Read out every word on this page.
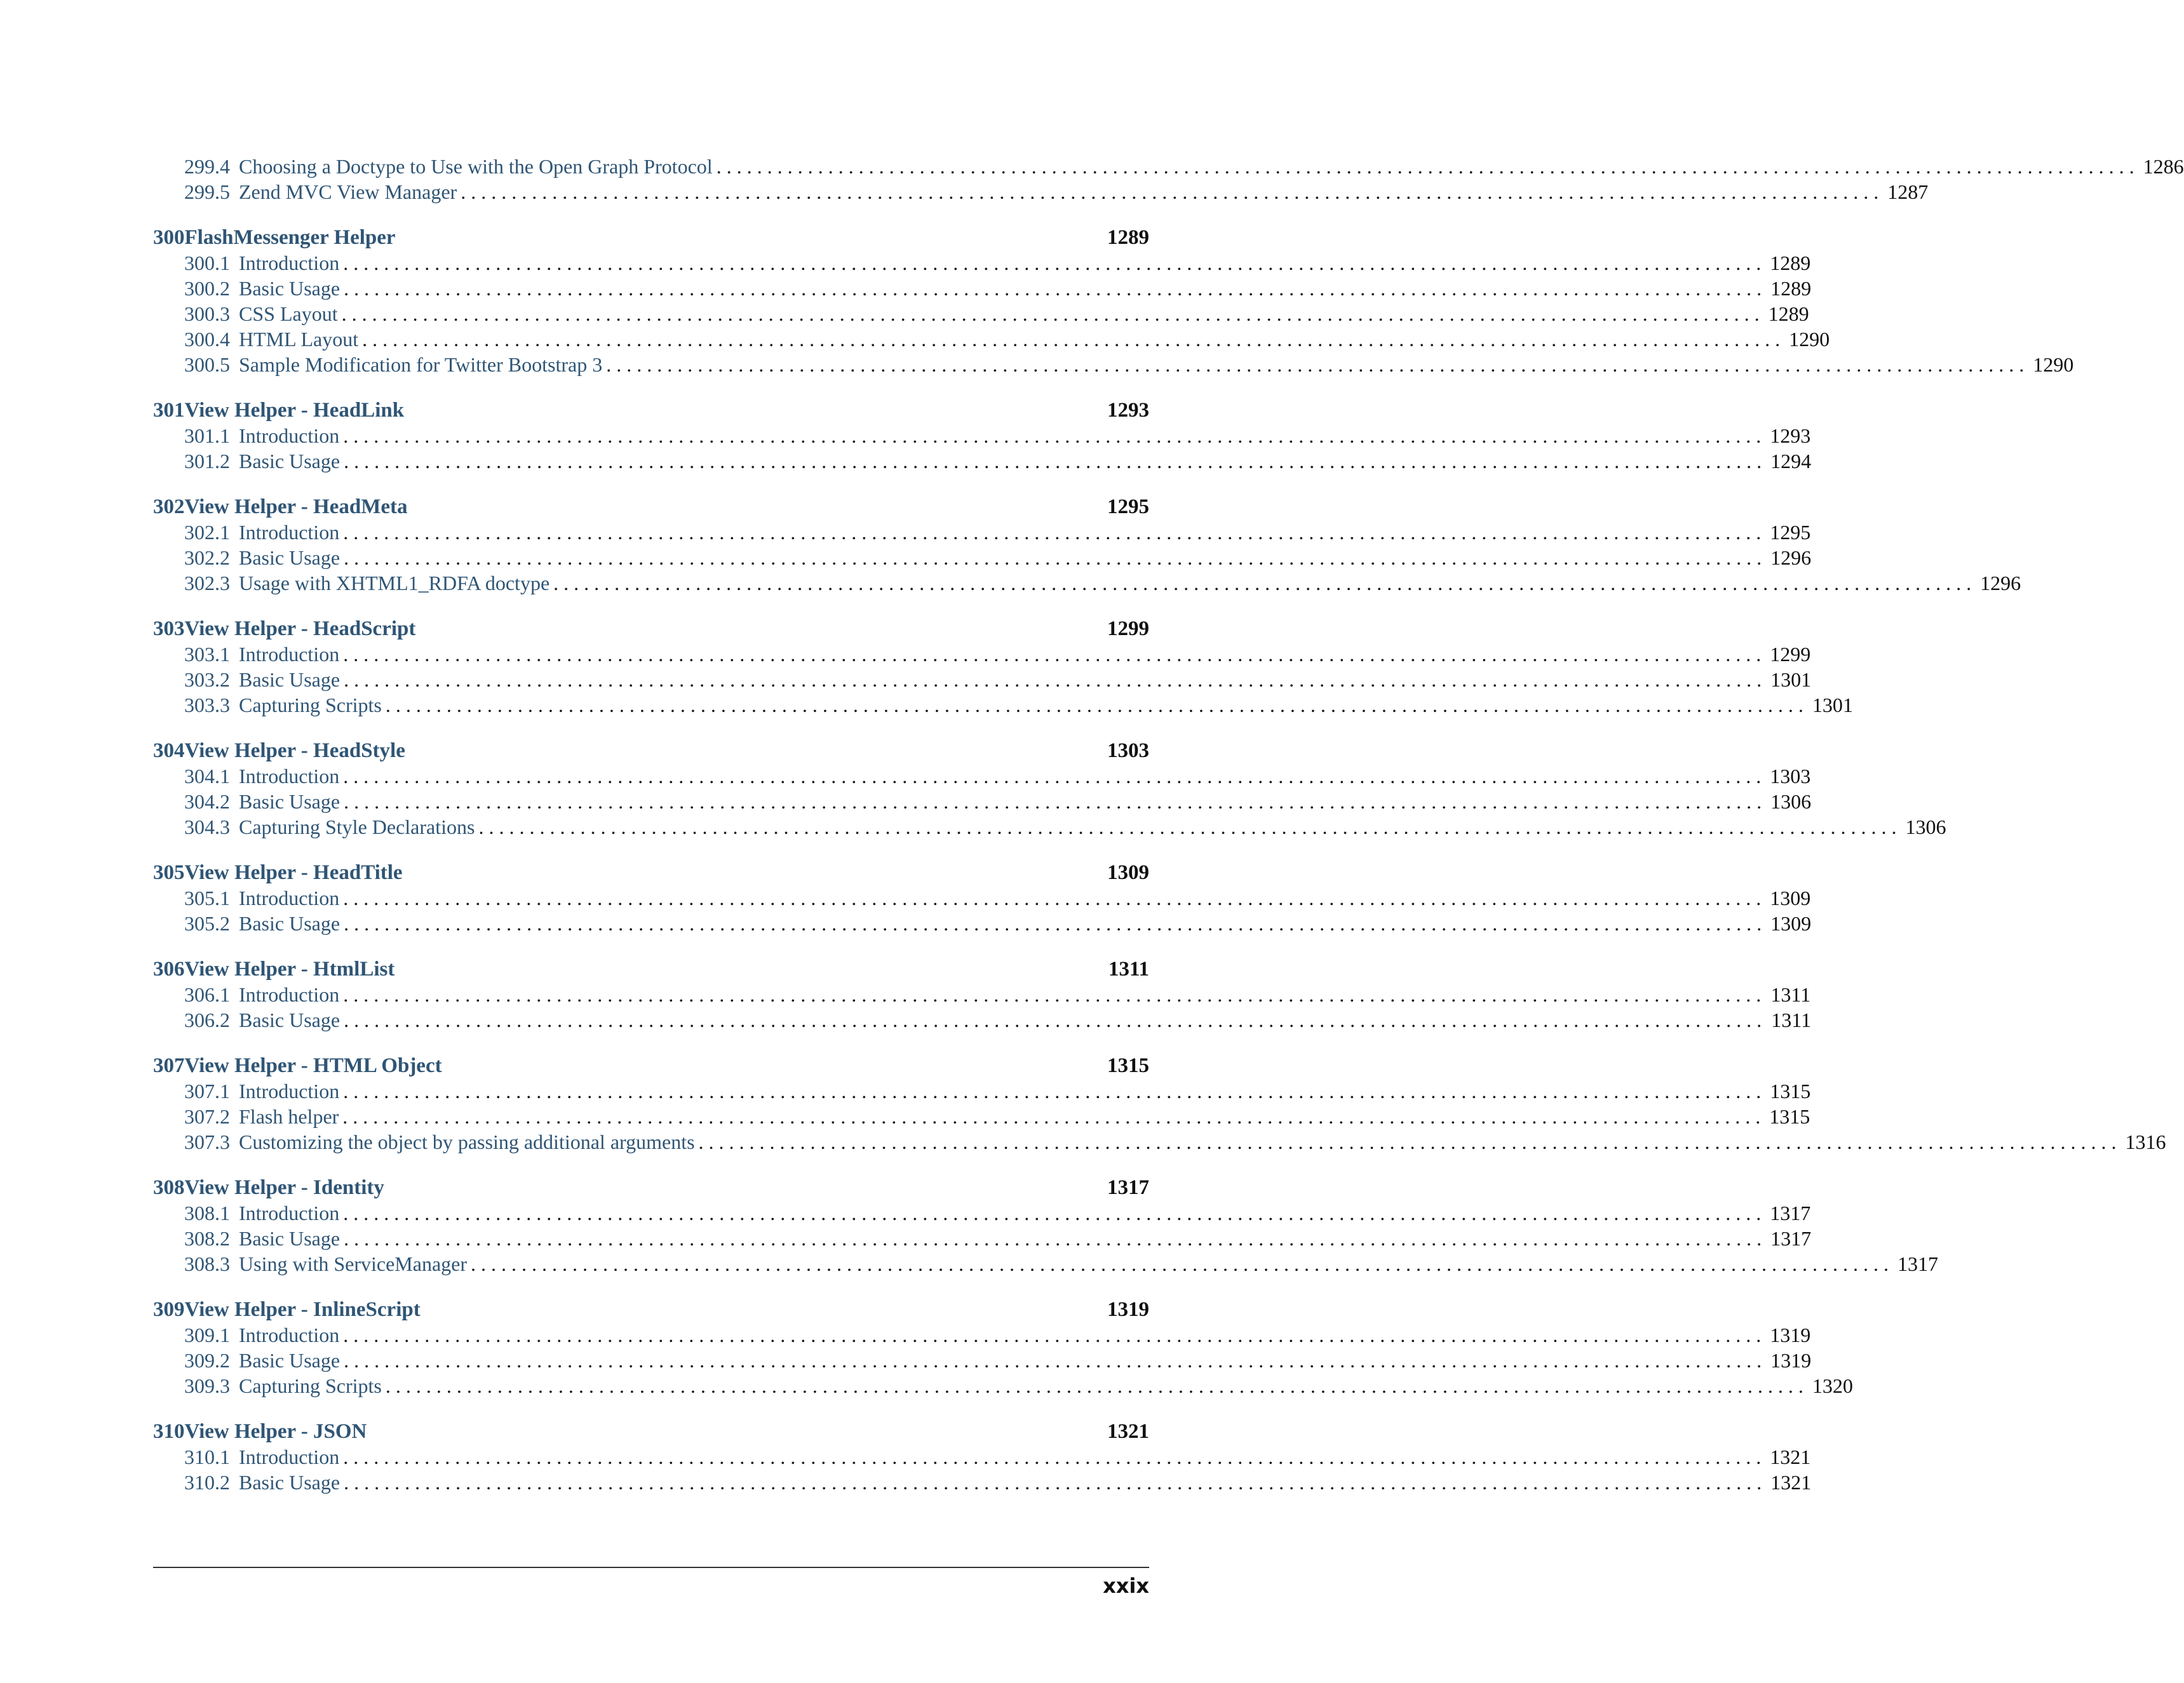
299.4 Choosing a Doctype to Use with the Open Graph Protocol . . . . . . . . . . . . . . . . . . . . . . . . . . . . . . . . . . . . . . . . . . . . . . . . . . . . . . . . . . . . . . . . . . . . . . . . . . . . . . . . . . . . . . . . . . . . . . . . . . . . . . . . . . . . . . . . . . . . . . . . . . . . . . . . . . . . . . . . . . . . 1286
299.5 Zend MVC View Manager . . . . . . . . . . . . . . . . . . . . . . . . . . . . . . . . . . . . . . . . . . . . . . . . . . . . . . . . . . . . . . . . . . . . . . . . . . . . . . . . . . . . . . . . . . . . . . . . . . . . . . . . . . . . . . . . . . . . . . . . . . . . . . . . . . . . . . . . . . . . 1287
300 FlashMessenger Helper	1289
300.1 Introduction . . . . . . . . . . . . . . . . . . . . . . . . . . . . . . . . . . . . . . . . . . . . . . . . . . . . . . . . . . . . . . . . . . . . . . . . . . . . . . . . . . . . . . . . . . . . . . . . . . . . . . . . . . . . . . . . . . . . . . . . . . . . . . . . . . . . . . . . . . . . 1289
300.2 Basic Usage . . . . . . . . . . . . . . . . . . . . . . . . . . . . . . . . . . . . . . . . . . . . . . . . . . . . . . . . . . . . . . . . . . . . . . . . . . . . . . . . . . . . . . . . . . . . . . . . . . . . . . . . . . . . . . . . . . . . . . . . . . . . . . . . . . . . . . . . . . . . 1289
300.3 CSS Layout . . . . . . . . . . . . . . . . . . . . . . . . . . . . . . . . . . . . . . . . . . . . . . . . . . . . . . . . . . . . . . . . . . . . . . . . . . . . . . . . . . . . . . . . . . . . . . . . . . . . . . . . . . . . . . . . . . . . . . . . . . . . . . . . . . . . . . . . . . . . 1289
300.4 HTML Layout . . . . . . . . . . . . . . . . . . . . . . . . . . . . . . . . . . . . . . . . . . . . . . . . . . . . . . . . . . . . . . . . . . . . . . . . . . . . . . . . . . . . . . . . . . . . . . . . . . . . . . . . . . . . . . . . . . . . . . . . . . . . . . . . . . . . . . . . . . . . 1290
300.5 Sample Modification for Twitter Bootstrap 3 . . . . . . . . . . . . . . . . . . . . . . . . . . . . . . . . . . . . . . . . . . . . . . . . . . . . . . . . . . . . . . . . . . . . . . . . . . . . . . . . . . . . . . . . . . . . . . . . . . . . . . . . . . . . . . . . . . . . . . . . . . . . . . . . . . . . . . . . . . . . 1290
301 View Helper - HeadLink	1293
301.1 Introduction . . . . . . . . . . . . . . . . . . . . . . . . . . . . . . . . . . . . . . . . . . . . . . . . . . . . . . . . . . . . . . . . . . . . . . . . . . . . . . . . . . . . . . . . . . . . . . . . . . . . . . . . . . . . . . . . . . . . . . . . . . . . . . . . . . . . . . . . . . . . 1293
301.2 Basic Usage . . . . . . . . . . . . . . . . . . . . . . . . . . . . . . . . . . . . . . . . . . . . . . . . . . . . . . . . . . . . . . . . . . . . . . . . . . . . . . . . . . . . . . . . . . . . . . . . . . . . . . . . . . . . . . . . . . . . . . . . . . . . . . . . . . . . . . . . . . . . 1294
302 View Helper - HeadMeta	1295
302.1 Introduction . . . . . . . . . . . . . . . . . . . . . . . . . . . . . . . . . . . . . . . . . . . . . . . . . . . . . . . . . . . . . . . . . . . . . . . . . . . . . . . . . . . . . . . . . . . . . . . . . . . . . . . . . . . . . . . . . . . . . . . . . . . . . . . . . . . . . . . . . . . . 1295
302.2 Basic Usage . . . . . . . . . . . . . . . . . . . . . . . . . . . . . . . . . . . . . . . . . . . . . . . . . . . . . . . . . . . . . . . . . . . . . . . . . . . . . . . . . . . . . . . . . . . . . . . . . . . . . . . . . . . . . . . . . . . . . . . . . . . . . . . . . . . . . . . . . . . . 1296
302.3 Usage with XHTML1_RDFA doctype . . . . . . . . . . . . . . . . . . . . . . . . . . . . . . . . . . . . . . . . . . . . . . . . . . . . . . . . . . . . . . . . . . . . . . . . . . . . . . . . . . . . . . . . . . . . . . . . . . . . . . . . . . . . . . . . . . . . . . . . . . . . . . . . . . . . . . . . . . . . 1296
303 View Helper - HeadScript	1299
303.1 Introduction . . . . . . . . . . . . . . . . . . . . . . . . . . . . . . . . . . . . . . . . . . . . . . . . . . . . . . . . . . . . . . . . . . . . . . . . . . . . . . . . . . . . . . . . . . . . . . . . . . . . . . . . . . . . . . . . . . . . . . . . . . . . . . . . . . . . . . . . . . . . 1299
303.2 Basic Usage . . . . . . . . . . . . . . . . . . . . . . . . . . . . . . . . . . . . . . . . . . . . . . . . . . . . . . . . . . . . . . . . . . . . . . . . . . . . . . . . . . . . . . . . . . . . . . . . . . . . . . . . . . . . . . . . . . . . . . . . . . . . . . . . . . . . . . . . . . . . 1301
303.3 Capturing Scripts . . . . . . . . . . . . . . . . . . . . . . . . . . . . . . . . . . . . . . . . . . . . . . . . . . . . . . . . . . . . . . . . . . . . . . . . . . . . . . . . . . . . . . . . . . . . . . . . . . . . . . . . . . . . . . . . . . . . . . . . . . . . . . . . . . . . . . . . . . . . 1301
304 View Helper - HeadStyle	1303
304.1 Introduction . . . . . . . . . . . . . . . . . . . . . . . . . . . . . . . . . . . . . . . . . . . . . . . . . . . . . . . . . . . . . . . . . . . . . . . . . . . . . . . . . . . . . . . . . . . . . . . . . . . . . . . . . . . . . . . . . . . . . . . . . . . . . . . . . . . . . . . . . . . . 1303
304.2 Basic Usage . . . . . . . . . . . . . . . . . . . . . . . . . . . . . . . . . . . . . . . . . . . . . . . . . . . . . . . . . . . . . . . . . . . . . . . . . . . . . . . . . . . . . . . . . . . . . . . . . . . . . . . . . . . . . . . . . . . . . . . . . . . . . . . . . . . . . . . . . . . . 1306
304.3 Capturing Style Declarations . . . . . . . . . . . . . . . . . . . . . . . . . . . . . . . . . . . . . . . . . . . . . . . . . . . . . . . . . . . . . . . . . . . . . . . . . . . . . . . . . . . . . . . . . . . . . . . . . . . . . . . . . . . . . . . . . . . . . . . . . . . . . . . . . . . . . . . . . . . . 1306
305 View Helper - HeadTitle	1309
305.1 Introduction . . . . . . . . . . . . . . . . . . . . . . . . . . . . . . . . . . . . . . . . . . . . . . . . . . . . . . . . . . . . . . . . . . . . . . . . . . . . . . . . . . . . . . . . . . . . . . . . . . . . . . . . . . . . . . . . . . . . . . . . . . . . . . . . . . . . . . . . . . . . 1309
305.2 Basic Usage . . . . . . . . . . . . . . . . . . . . . . . . . . . . . . . . . . . . . . . . . . . . . . . . . . . . . . . . . . . . . . . . . . . . . . . . . . . . . . . . . . . . . . . . . . . . . . . . . . . . . . . . . . . . . . . . . . . . . . . . . . . . . . . . . . . . . . . . . . . . 1309
306 View Helper - HtmlList	1311
306.1 Introduction . . . . . . . . . . . . . . . . . . . . . . . . . . . . . . . . . . . . . . . . . . . . . . . . . . . . . . . . . . . . . . . . . . . . . . . . . . . . . . . . . . . . . . . . . . . . . . . . . . . . . . . . . . . . . . . . . . . . . . . . . . . . . . . . . . . . . . . . . . . . 1311
306.2 Basic Usage . . . . . . . . . . . . . . . . . . . . . . . . . . . . . . . . . . . . . . . . . . . . . . . . . . . . . . . . . . . . . . . . . . . . . . . . . . . . . . . . . . . . . . . . . . . . . . . . . . . . . . . . . . . . . . . . . . . . . . . . . . . . . . . . . . . . . . . . . . . . 1311
307 View Helper - HTML Object	1315
307.1 Introduction . . . . . . . . . . . . . . . . . . . . . . . . . . . . . . . . . . . . . . . . . . . . . . . . . . . . . . . . . . . . . . . . . . . . . . . . . . . . . . . . . . . . . . . . . . . . . . . . . . . . . . . . . . . . . . . . . . . . . . . . . . . . . . . . . . . . . . . . . . . . 1315
307.2 Flash helper . . . . . . . . . . . . . . . . . . . . . . . . . . . . . . . . . . . . . . . . . . . . . . . . . . . . . . . . . . . . . . . . . . . . . . . . . . . . . . . . . . . . . . . . . . . . . . . . . . . . . . . . . . . . . . . . . . . . . . . . . . . . . . . . . . . . . . . . . . . . 1315
307.3 Customizing the object by passing additional arguments . . . . . . . . . . . . . . . . . . . . . . . . . . . . . . . . . . . . . . . . . . . . . . . . . . . . . . . . . . . . . . . . . . . . . . . . . . . . . . . . . . . . . . . . . . . . . . . . . . . . . . . . . . . . . . . . . . . . . . . . . . . . . . . . . . . . . . . . . . . . 1316
308 View Helper - Identity	1317
308.1 Introduction . . . . . . . . . . . . . . . . . . . . . . . . . . . . . . . . . . . . . . . . . . . . . . . . . . . . . . . . . . . . . . . . . . . . . . . . . . . . . . . . . . . . . . . . . . . . . . . . . . . . . . . . . . . . . . . . . . . . . . . . . . . . . . . . . . . . . . . . . . . . 1317
308.2 Basic Usage . . . . . . . . . . . . . . . . . . . . . . . . . . . . . . . . . . . . . . . . . . . . . . . . . . . . . . . . . . . . . . . . . . . . . . . . . . . . . . . . . . . . . . . . . . . . . . . . . . . . . . . . . . . . . . . . . . . . . . . . . . . . . . . . . . . . . . . . . . . . 1317
308.3 Using with ServiceManager . . . . . . . . . . . . . . . . . . . . . . . . . . . . . . . . . . . . . . . . . . . . . . . . . . . . . . . . . . . . . . . . . . . . . . . . . . . . . . . . . . . . . . . . . . . . . . . . . . . . . . . . . . . . . . . . . . . . . . . . . . . . . . . . . . . . . . . . . . . . 1317
309 View Helper - InlineScript	1319
309.1 Introduction . . . . . . . . . . . . . . . . . . . . . . . . . . . . . . . . . . . . . . . . . . . . . . . . . . . . . . . . . . . . . . . . . . . . . . . . . . . . . . . . . . . . . . . . . . . . . . . . . . . . . . . . . . . . . . . . . . . . . . . . . . . . . . . . . . . . . . . . . . . . 1319
309.2 Basic Usage . . . . . . . . . . . . . . . . . . . . . . . . . . . . . . . . . . . . . . . . . . . . . . . . . . . . . . . . . . . . . . . . . . . . . . . . . . . . . . . . . . . . . . . . . . . . . . . . . . . . . . . . . . . . . . . . . . . . . . . . . . . . . . . . . . . . . . . . . . . . 1319
309.3 Capturing Scripts . . . . . . . . . . . . . . . . . . . . . . . . . . . . . . . . . . . . . . . . . . . . . . . . . . . . . . . . . . . . . . . . . . . . . . . . . . . . . . . . . . . . . . . . . . . . . . . . . . . . . . . . . . . . . . . . . . . . . . . . . . . . . . . . . . . . . . . . . . . . 1320
310 View Helper - JSON	1321
310.1 Introduction . . . . . . . . . . . . . . . . . . . . . . . . . . . . . . . . . . . . . . . . . . . . . . . . . . . . . . . . . . . . . . . . . . . . . . . . . . . . . . . . . . . . . . . . . . . . . . . . . . . . . . . . . . . . . . . . . . . . . . . . . . . . . . . . . . . . . . . . . . . . 1321
310.2 Basic Usage . . . . . . . . . . . . . . . . . . . . . . . . . . . . . . . . . . . . . . . . . . . . . . . . . . . . . . . . . . . . . . . . . . . . . . . . . . . . . . . . . . . . . . . . . . . . . . . . . . . . . . . . . . . . . . . . . . . . . . . . . . . . . . . . . . . . . . . . . . . . 1321
xxix
